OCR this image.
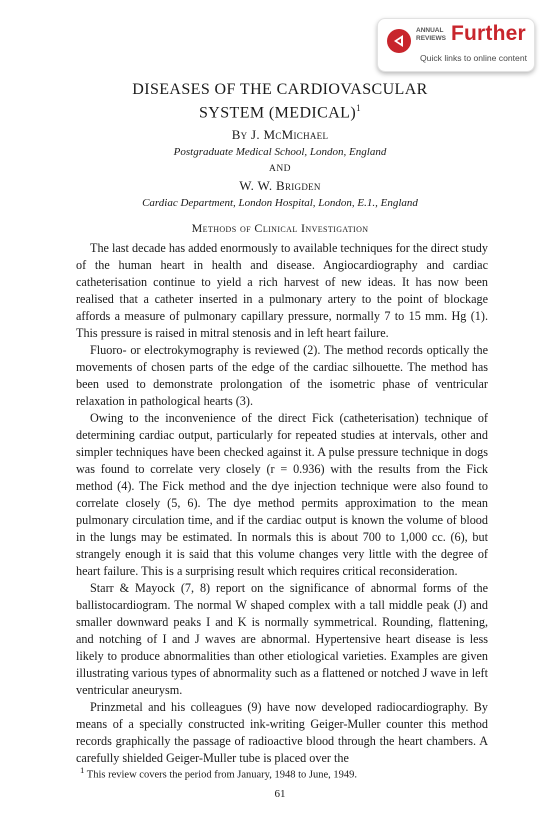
ANNUAL
REVIEWS Further
Quick links to online content
DISEASES OF THE CARDIOVASCULAR
SYSTEM (MEDICAL)$^1$
By J. McMichael
Postgraduate Medical School, London, England
AND
W. W. Brigden
Cardiac Department, London Hospital, London, E.1., England
Methods of Clinical Investigation

The last decade has added enormously to available techniques for the direct study of the human heart in health and disease. Angiocardiography and cardiac catheterisation continue to yield a rich harvest of new ideas. It has now been realised that a catheter inserted in a pulmonary artery to the point of blockage affords a measure of pulmonary capillary pressure, normally 7 to 15 mm. Hg (1). This pressure is raised in mitral stenosis and in left heart failure.

Fluoro- or electrokymography is reviewed (2). The method records optically the movements of chosen parts of the edge of the cardiac silhouette. The method has been used to demonstrate prolongation of the isometric phase of ventricular relaxation in pathological hearts (3).

Owing to the inconvenience of the direct Fick (catheterisation) technique of determining cardiac output, particularly for repeated studies at intervals, other and simpler techniques have been checked against it. A pulse pressure technique in dogs was found to correlate very closely (r = 0.936) with the results from the Fick method (4). The Fick method and the dye injection technique were also found to correlate closely (5, 6). The dye method permits approximation to the mean pulmonary circulation time, and if the cardiac output is known the volume of blood in the lungs may be estimated. In normals this is about 700 to 1,000 cc. (6), but strangely enough it is said that this volume changes very little with the degree of heart failure. This is a surprising result which requires critical reconsideration.

Starr & Mayock (7, 8) report on the significance of abnormal forms of the ballistocardiogram. The normal W shaped complex with a tall middle peak (J) and smaller downward peaks I and K is normally symmetrical. Rounding, flattening, and notching of I and J waves are abnormal. Hypertensive heart disease is less likely to produce abnormalities than other etiological varieties. Examples are given illustrating various types of abnormality such as a flattened or notched J wave in left ventricular aneurysm.

Prinzmetal and his colleagues (9) have now developed radiocardiography. By means of a specially constructed ink-writing Geiger-Muller counter this method records graphically the passage of radioactive blood through the heart chambers. A carefully shielded Geiger-Muller tube is placed over the

$^1$ This review covers the period from January, 1948 to June, 1949.
61
